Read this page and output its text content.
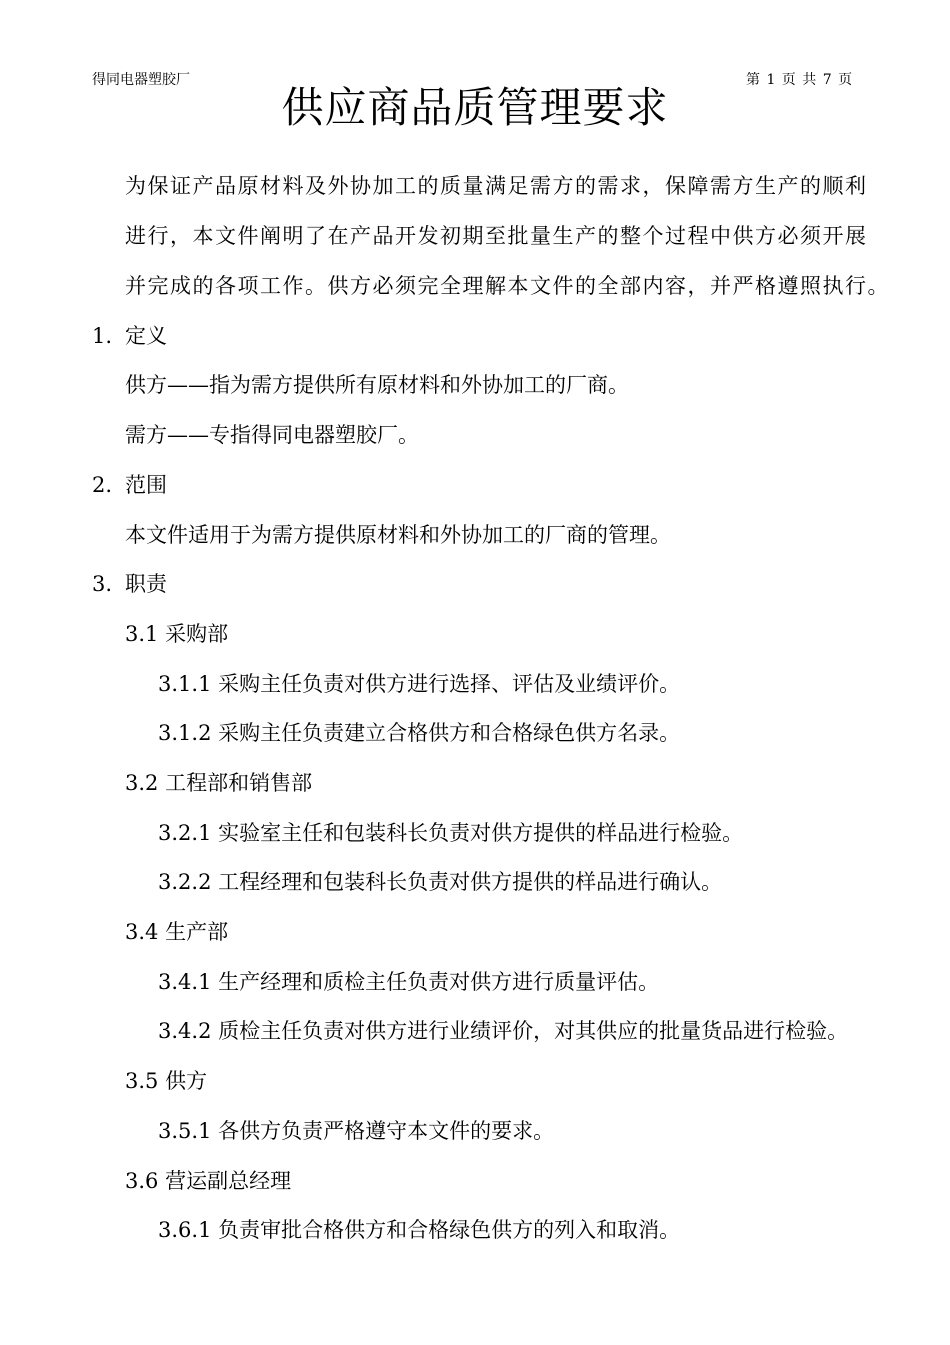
得同电器塑胶厂	第 1 页 共 7 页
供应商品质管理要求
为保证产品原材料及外协加工的质量满足需方的需求，保障需方生产的顺利
进行，本文件阐明了在产品开发初期至批量生产的整个过程中供方必须开展
并完成的各项工作。供方必须完全理解本文件的全部内容，并严格遵照执行。
1. 定义
供方——指为需方提供所有原材料和外协加工的厂商。
需方——专指得同电器塑胶厂。
2. 范围
本文件适用于为需方提供原材料和外协加工的厂商的管理。
3. 职责
3.1 采购部
3.1.1 采购主任负责对供方进行选择、评估及业绩评价。
3.1.2 采购主任负责建立合格供方和合格绿色供方名录。
3.2 工程部和销售部
3.2.1 实验室主任和包装科长负责对供方提供的样品进行检验。
3.2.2 工程经理和包装科长负责对供方提供的样品进行确认。
3.4 生产部
3.4.1 生产经理和质检主任负责对供方进行质量评估。
3.4.2 质检主任负责对供方进行业绩评价，对其供应的批量货品进行检验。
3.5 供方
3.5.1 各供方负责严格遵守本文件的要求。
3.6 营运副总经理
3.6.1 负责审批合格供方和合格绿色供方的列入和取消。
